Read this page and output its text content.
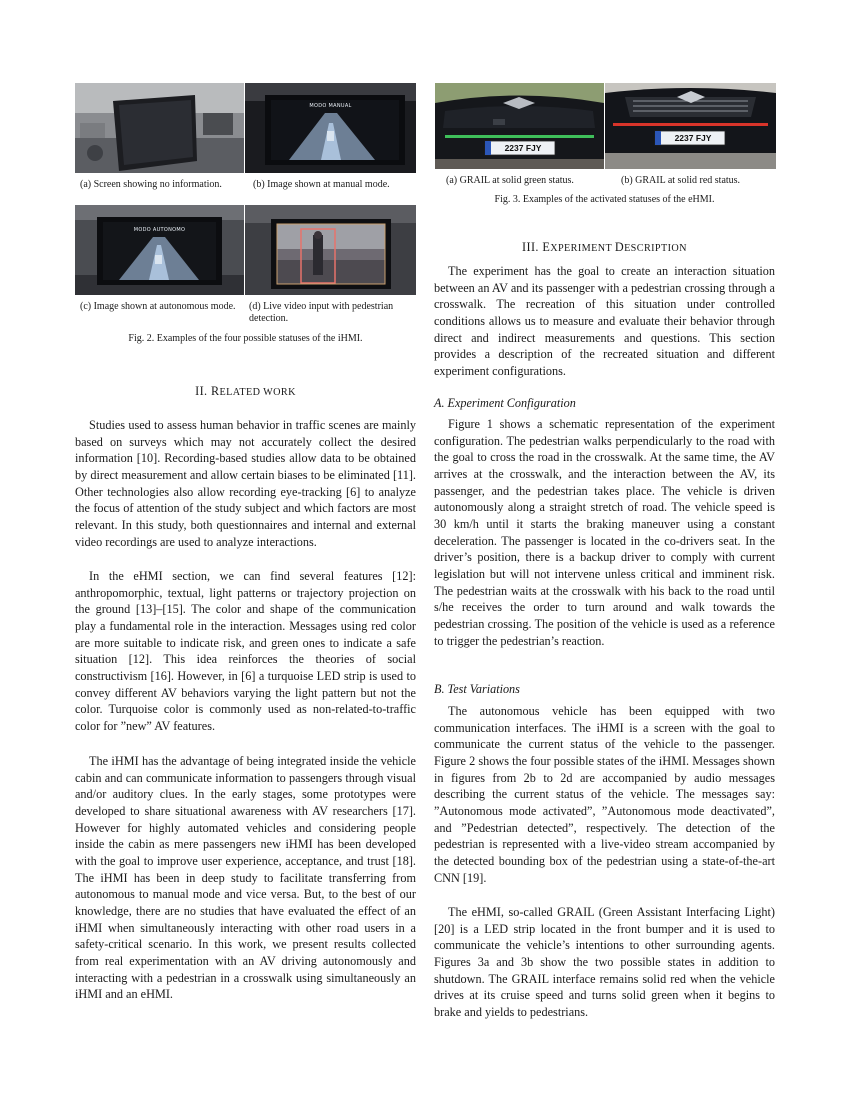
MODO MANUAL
(a) Screen showing no information.	(b) Image shown at manual mode.
MODO AUTONOMO
(c) Image shown at autonomous mode.	(d) Live video input with pedestrian detection.
Fig. 2. Examples of the four possible statuses of the iHMI.
II. RELATED WORK

Studies used to assess human behavior in traffic scenes are mainly based on surveys which may not accurately collect the desired information [10]. Recording-based studies allow data to be obtained by direct measurement and allow certain biases to be eliminated [11]. Other technologies also allow recording eye-tracking [6] to analyze the focus of attention of the study subject and which factors are most relevant. In this study, both questionnaires and internal and external video recordings are used to analyze interactions.

In the eHMI section, we can find several features [12]: anthropomorphic, textual, light patterns or trajectory projection on the ground [13]–[15]. The color and shape of the communication play a fundamental role in the interaction. Messages using red color are more suitable to indicate risk, and green ones to indicate a safe situation [12]. This idea reinforces the theories of social constructivism [16]. However, in [6] a turquoise LED strip is used to convey different AV behaviors varying the light pattern but not the color. Turquoise color is commonly used as non-related-to-traffic color for ”new” AV features.

The iHMI has the advantage of being integrated inside the vehicle cabin and can communicate information to passengers through visual and/or auditory clues. In the early stages, some prototypes were developed to share situational awareness with AV researchers [17]. However for highly automated vehicles and considering people inside the cabin as mere passengers new iHMI has been developed with the goal to improve user experience, acceptance, and trust [18]. The iHMI has been in deep study to facilitate transferring from autonomous to manual mode and vice versa. But, to the best of our knowledge, there are no studies that have evaluated the effect of an iHMI when simultaneously interacting with other road users in a safety-critical scenario. In this work, we present results collected from real experimentation with an AV driving autonomously and interacting with a pedestrian in a crosswalk using simultaneously an iHMI and an eHMI.

2237 FJY
2237 FJY
(a) GRAIL at solid green status.	(b) GRAIL at solid red status.
Fig. 3. Examples of the activated statuses of the eHMI.
III. EXPERIMENT DESCRIPTION

The experiment has the goal to create an interaction situation between an AV and its passenger with a pedestrian crossing through a crosswalk. The recreation of this situation under controlled conditions allows us to measure and evaluate their behavior through direct and indirect measurements and questions. This section provides a description of the recreated situation and different experiment configurations.

A. Experiment Configuration

Figure 1 shows a schematic representation of the experiment configuration. The pedestrian walks perpendicularly to the road with the goal to cross the road in the crosswalk. At the same time, the AV arrives at the crosswalk, and the interaction between the AV, its passenger, and the pedestrian takes place. The vehicle is driven autonomously along a straight stretch of road. The vehicle speed is 30 km/h until it starts the braking maneuver using a constant deceleration. The passenger is located in the co-drivers seat. In the driver’s position, there is a backup driver to comply with current legislation but will not intervene unless critical and imminent risk. The pedestrian waits at the crosswalk with his back to the road until s/he receives the order to turn around and walk towards the pedestrian crossing. The position of the vehicle is used as a reference to trigger the pedestrian’s reaction.

B. Test Variations

The autonomous vehicle has been equipped with two communication interfaces. The iHMI is a screen with the goal to communicate the current status of the vehicle to the passenger. Figure 2 shows the four possible states of the iHMI. Messages shown in figures from 2b to 2d are accompanied by audio messages describing the current status of the vehicle. The messages say: ”Autonomous mode activated”, ”Autonomous mode deactivated”, and ”Pedestrian detected”, respectively. The detection of the pedestrian is represented with a live-video stream accompanied by the detected bounding box of the pedestrian using a state-of-the-art CNN [19].

The eHMI, so-called GRAIL (Green Assistant Interfacing Light) [20] is a LED strip located in the front bumper and it is used to communicate the vehicle’s intentions to other surrounding agents. Figures 3a and 3b show the two possible states in addition to shutdown. The GRAIL interface remains solid red when the vehicle drives at its cruise speed and turns solid green when it begins to brake and yields to pedestrians.
